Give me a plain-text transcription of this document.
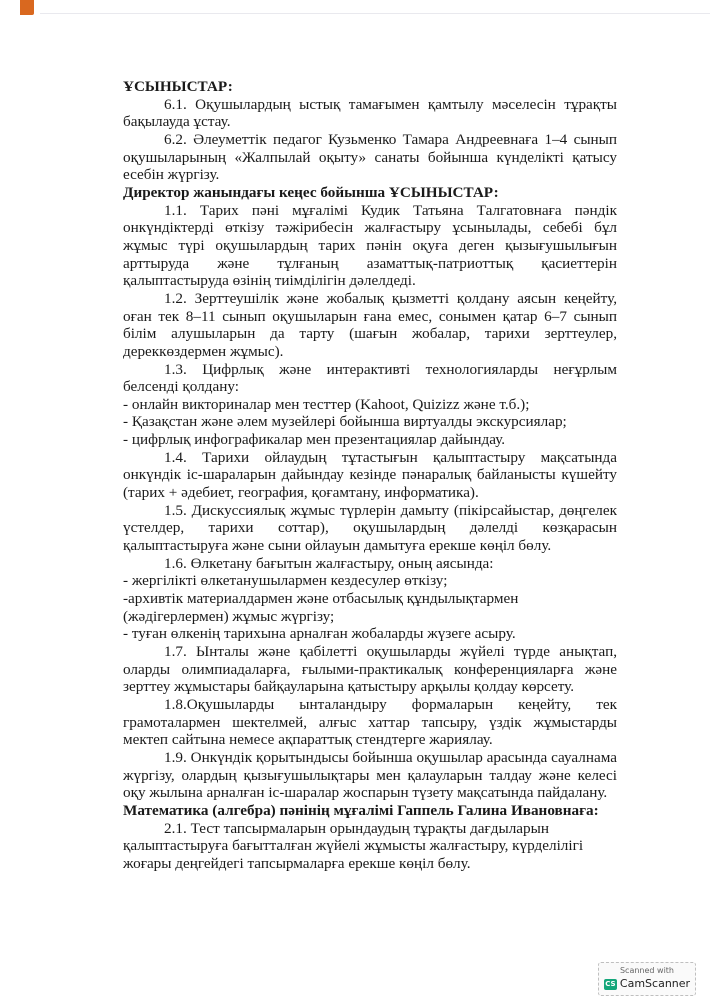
ҰСЫНЫСТАР:

6.1. Оқушылардың ыстық тамағымен қамтылу мәселесін тұрақты бақылауда ұстау.

6.2. Әлеуметтік педагог Кузьменко Тамара Андреевнаға 1–4 сынып оқушыларының «Жалпылай оқыту» санаты бойынша күнделікті қатысу есебін жүргізу.

Директор жанындағы кеңес бойынша ҰСЫНЫСТАР:

1.1. Тарих пәні мұғалімі Кудик Татьяна Талгатовнаға пәндік онкүндіктерді өткізу тәжірибесін жалғастыру ұсынылады, себебі бұл жұмыс түрі оқушылардың тарих пәнін оқуға деген қызығушылығын арттыруда және тұлғаның азаматтық-патриоттық қасиеттерін қалыптастыруда өзінің тиімділігін дәлелдеді.

1.2. Зерттеушілік және жобалық қызметті қолдану аясын кеңейту, оған тек 8–11 сынып оқушыларын ғана емес, сонымен қатар 6–7 сынып білім алушыларын да тарту (шағын жобалар, тарихи зерттеулер, дереккөздермен жұмыс).

1.3. Цифрлық және интерактивті технологияларды неғұрлым белсенді қолдану:

- онлайн викториналар мен тесттер (Kahoot, Quizizz және т.б.);

- Қазақстан және әлем музейлері бойынша виртуалды экскурсиялар;

- цифрлық инфографикалар мен презентациялар дайындау.

1.4. Тарихи ойлаудың тұтастығын қалыптастыру мақсатында онкүндік іс-шараларын дайындау кезінде пәнаралық байланысты күшейту (тарих + әдебиет, география, қоғамтану, информатика).

1.5. Дискуссиялық жұмыс түрлерін дамыту (пікірсайыстар, дөңгелек үстелдер, тарихи соттар), оқушылардың дәлелді көзқарасын қалыптастыруға және сыни ойлауын дамытуға ерекше көңіл бөлу.

1.6. Өлкетану бағытын жалғастыру, оның аясында:

- жергілікті өлкетанушылармен кездесулер өткізу;

-архивтік материалдармен және отбасылық құндылықтармен (жәдігерлермен) жұмыс жүргізу;

- туған өлкенің тарихына арналған жобаларды жүзеге асыру.

1.7. Ынталы және қабілетті оқушыларды жүйелі түрде анықтап, оларды олимпиадаларға, ғылыми-практикалық конференцияларға және зерттеу жұмыстары байқауларына қатыстыру арқылы қолдау көрсету.

1.8.Оқушыларды ынталандыру формаларын кеңейту, тек грамоталармен шектелмей, алғыс хаттар тапсыру, үздік жұмыстарды мектеп сайтына немесе ақпараттық стендтерге жариялау.

1.9. Онкүндік қорытындысы бойынша оқушылар арасында сауалнама жүргізу, олардың қызығушылықтары мен қалауларын талдау және келесі оқу жылына арналған іс-шаралар жоспарын түзету мақсатында пайдалану.

Математика (алгебра) пәнінің мұғалімі Гаппель Галина Ивановнаға:

2.1. Тест тапсырмаларын орындаудың тұрақты дағдыларын қалыптастыруға бағытталған жүйелі жұмысты жалғастыру, күрделілігі жоғары деңгейдегі тапсырмаларға ерекше көңіл бөлу.

Scanned with
CS CamScanner
